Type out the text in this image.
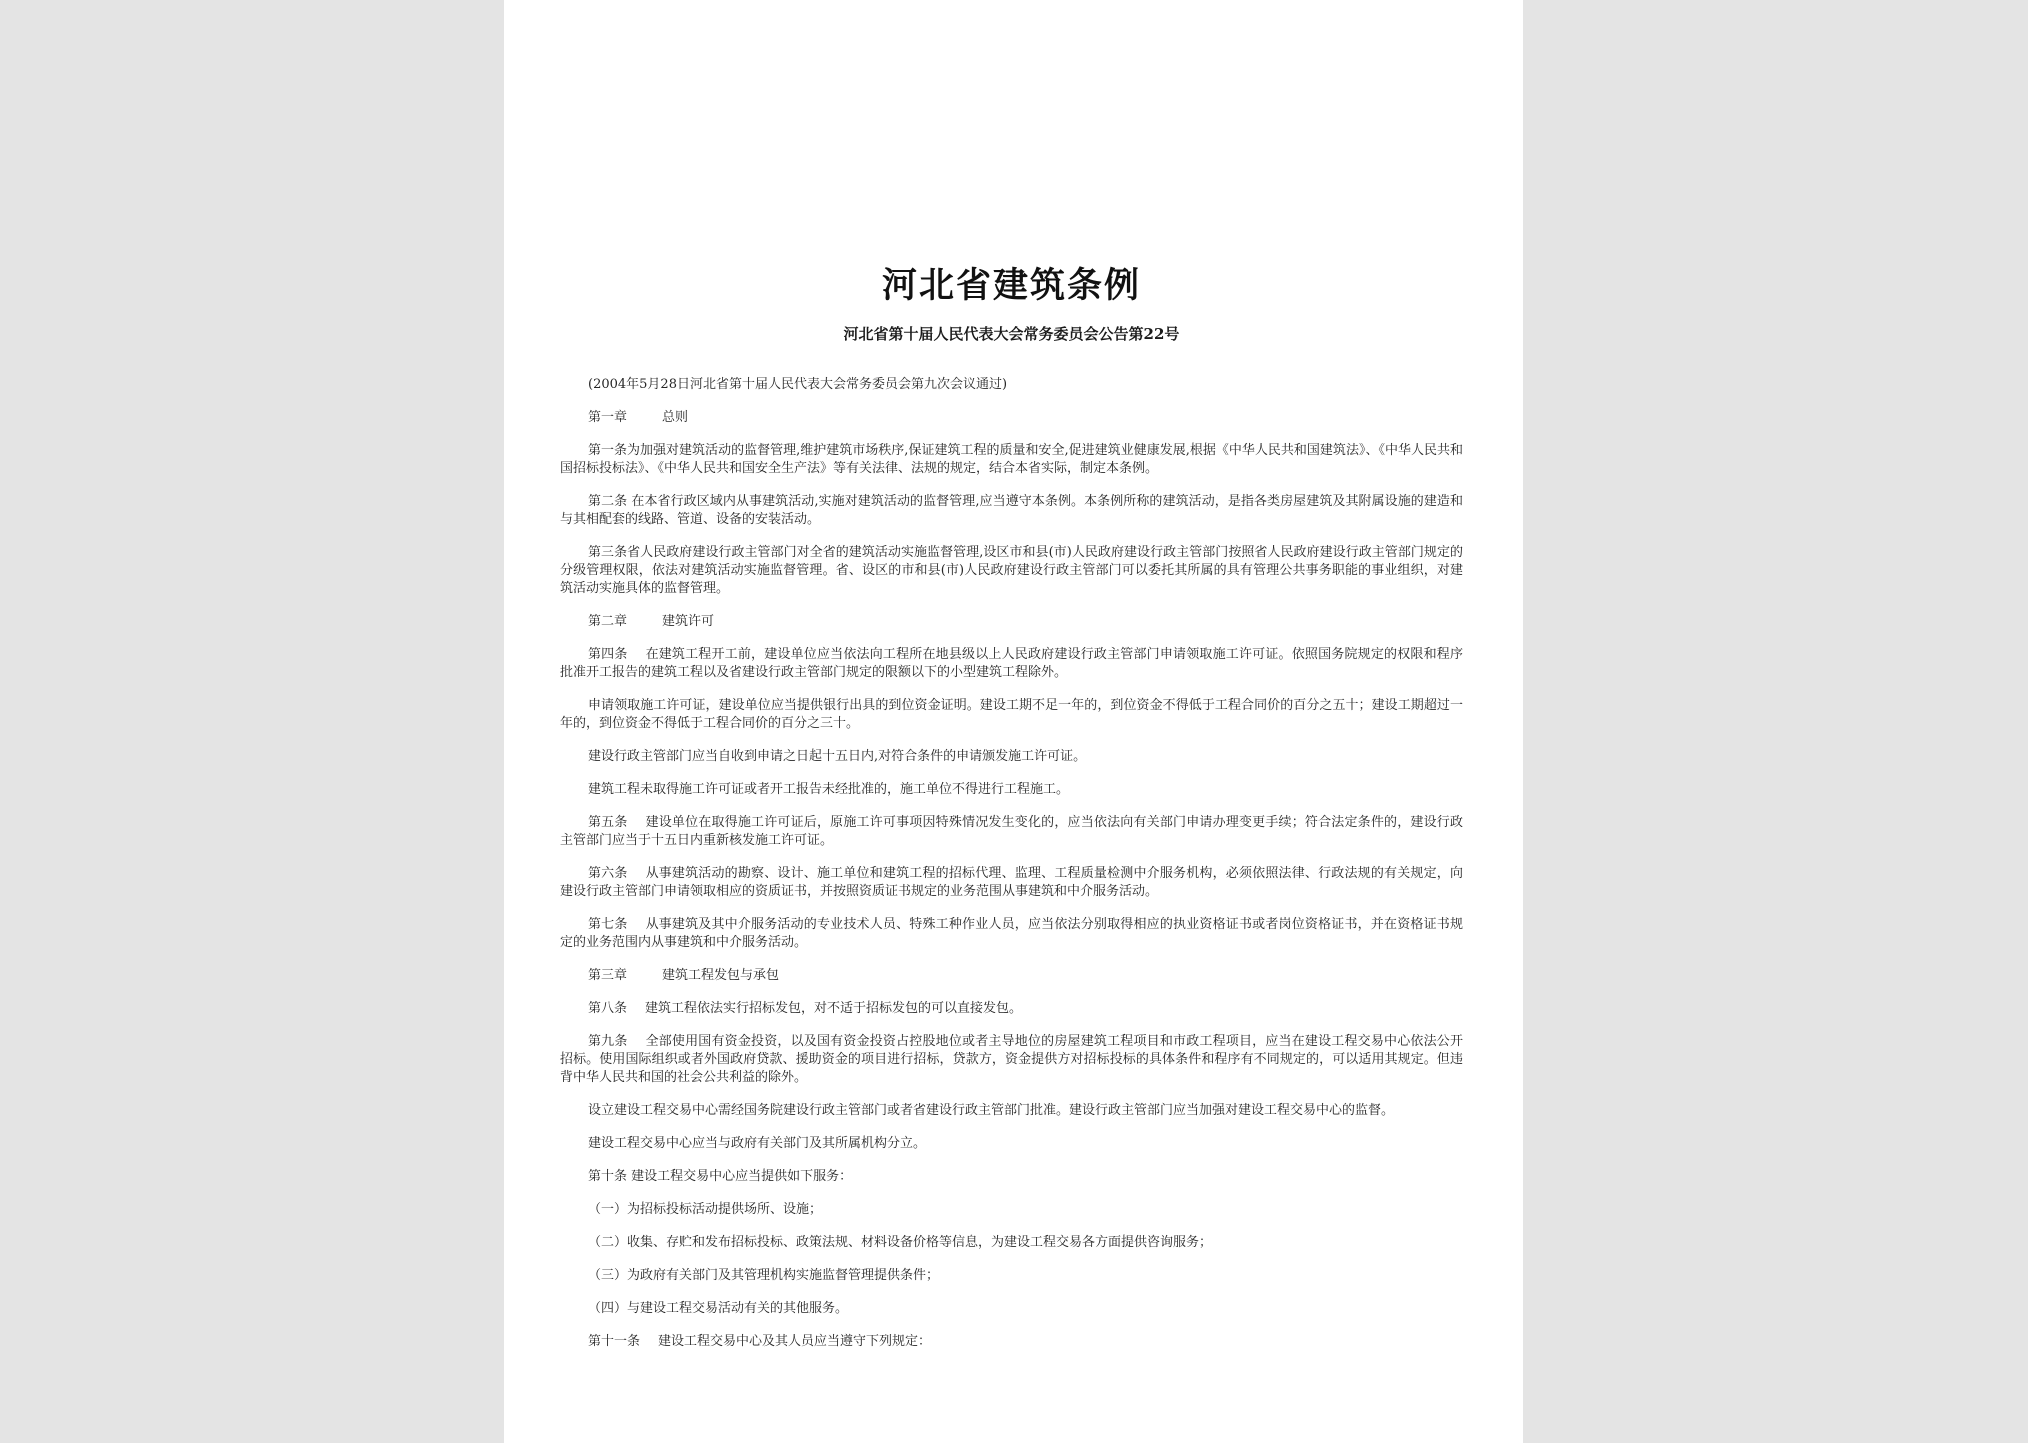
河北省建筑条例
河北省第十届人民代表大会常务委员会公告第22号
(2004年5月28日河北省第十届人民代表大会常务委员会第九次会议通过)
第一章	总则
第一条为加强对建筑活动的监督管理,维护建筑市场秩序,保证建筑工程的质量和安全,促进建筑业健康发展,根据《中华人民共和国建筑法》、《中华人民共和国招标投标法》、《中华人民共和国安全生产法》等有关法律、法规的规定，结合本省实际，制定本条例。
第二条 在本省行政区域内从事建筑活动,实施对建筑活动的监督管理,应当遵守本条例。本条例所称的建筑活动，是指各类房屋建筑及其附属设施的建造和与其相配套的线路、管道、设备的安装活动。
第三条省人民政府建设行政主管部门对全省的建筑活动实施监督管理,设区市和县(市)人民政府建设行政主管部门按照省人民政府建设行政主管部门规定的分级管理权限，依法对建筑活动实施监督管理。省、设区的市和县(市)人民政府建设行政主管部门可以委托其所属的具有管理公共事务职能的事业组织，对建筑活动实施具体的监督管理。
第二章	建筑许可
第四条 在建筑工程开工前，建设单位应当依法向工程所在地县级以上人民政府建设行政主管部门申请领取施工许可证。依照国务院规定的权限和程序批准开工报告的建筑工程以及省建设行政主管部门规定的限额以下的小型建筑工程除外。
申请领取施工许可证，建设单位应当提供银行出具的到位资金证明。建设工期不足一年的，到位资金不得低于工程合同价的百分之五十；建设工期超过一年的，到位资金不得低于工程合同价的百分之三十。
建设行政主管部门应当自收到申请之日起十五日内,对符合条件的申请颁发施工许可证。
建筑工程未取得施工许可证或者开工报告未经批准的，施工单位不得进行工程施工。
第五条 建设单位在取得施工许可证后，原施工许可事项因特殊情况发生变化的，应当依法向有关部门申请办理变更手续；符合法定条件的，建设行政主管部门应当于十五日内重新核发施工许可证。
第六条 从事建筑活动的勘察、设计、施工单位和建筑工程的招标代理、监理、工程质量检测中介服务机构，必须依照法律、行政法规的有关规定，向建设行政主管部门申请领取相应的资质证书，并按照资质证书规定的业务范围从事建筑和中介服务活动。
第七条 从事建筑及其中介服务活动的专业技术人员、特殊工种作业人员，应当依法分别取得相应的执业资格证书或者岗位资格证书，并在资格证书规定的业务范围内从事建筑和中介服务活动。
第三章	建筑工程发包与承包
第八条 建筑工程依法实行招标发包，对不适于招标发包的可以直接发包。
第九条 全部使用国有资金投资，以及国有资金投资占控股地位或者主导地位的房屋建筑工程项目和市政工程项目，应当在建设工程交易中心依法公开招标。使用国际组织或者外国政府贷款、援助资金的项目进行招标，贷款方，资金提供方对招标投标的具体条件和程序有不同规定的，可以适用其规定。但违背中华人民共和国的社会公共利益的除外。
设立建设工程交易中心需经国务院建设行政主管部门或者省建设行政主管部门批准。建设行政主管部门应当加强对建设工程交易中心的监督。
建设工程交易中心应当与政府有关部门及其所属机构分立。
第十条 建设工程交易中心应当提供如下服务：
（一）为招标投标活动提供场所、设施；
（二）收集、存贮和发布招标投标、政策法规、材料设备价格等信息，为建设工程交易各方面提供咨询服务；
（三）为政府有关部门及其管理机构实施监督管理提供条件；
（四）与建设工程交易活动有关的其他服务。
第十一条 建设工程交易中心及其人员应当遵守下列规定：
